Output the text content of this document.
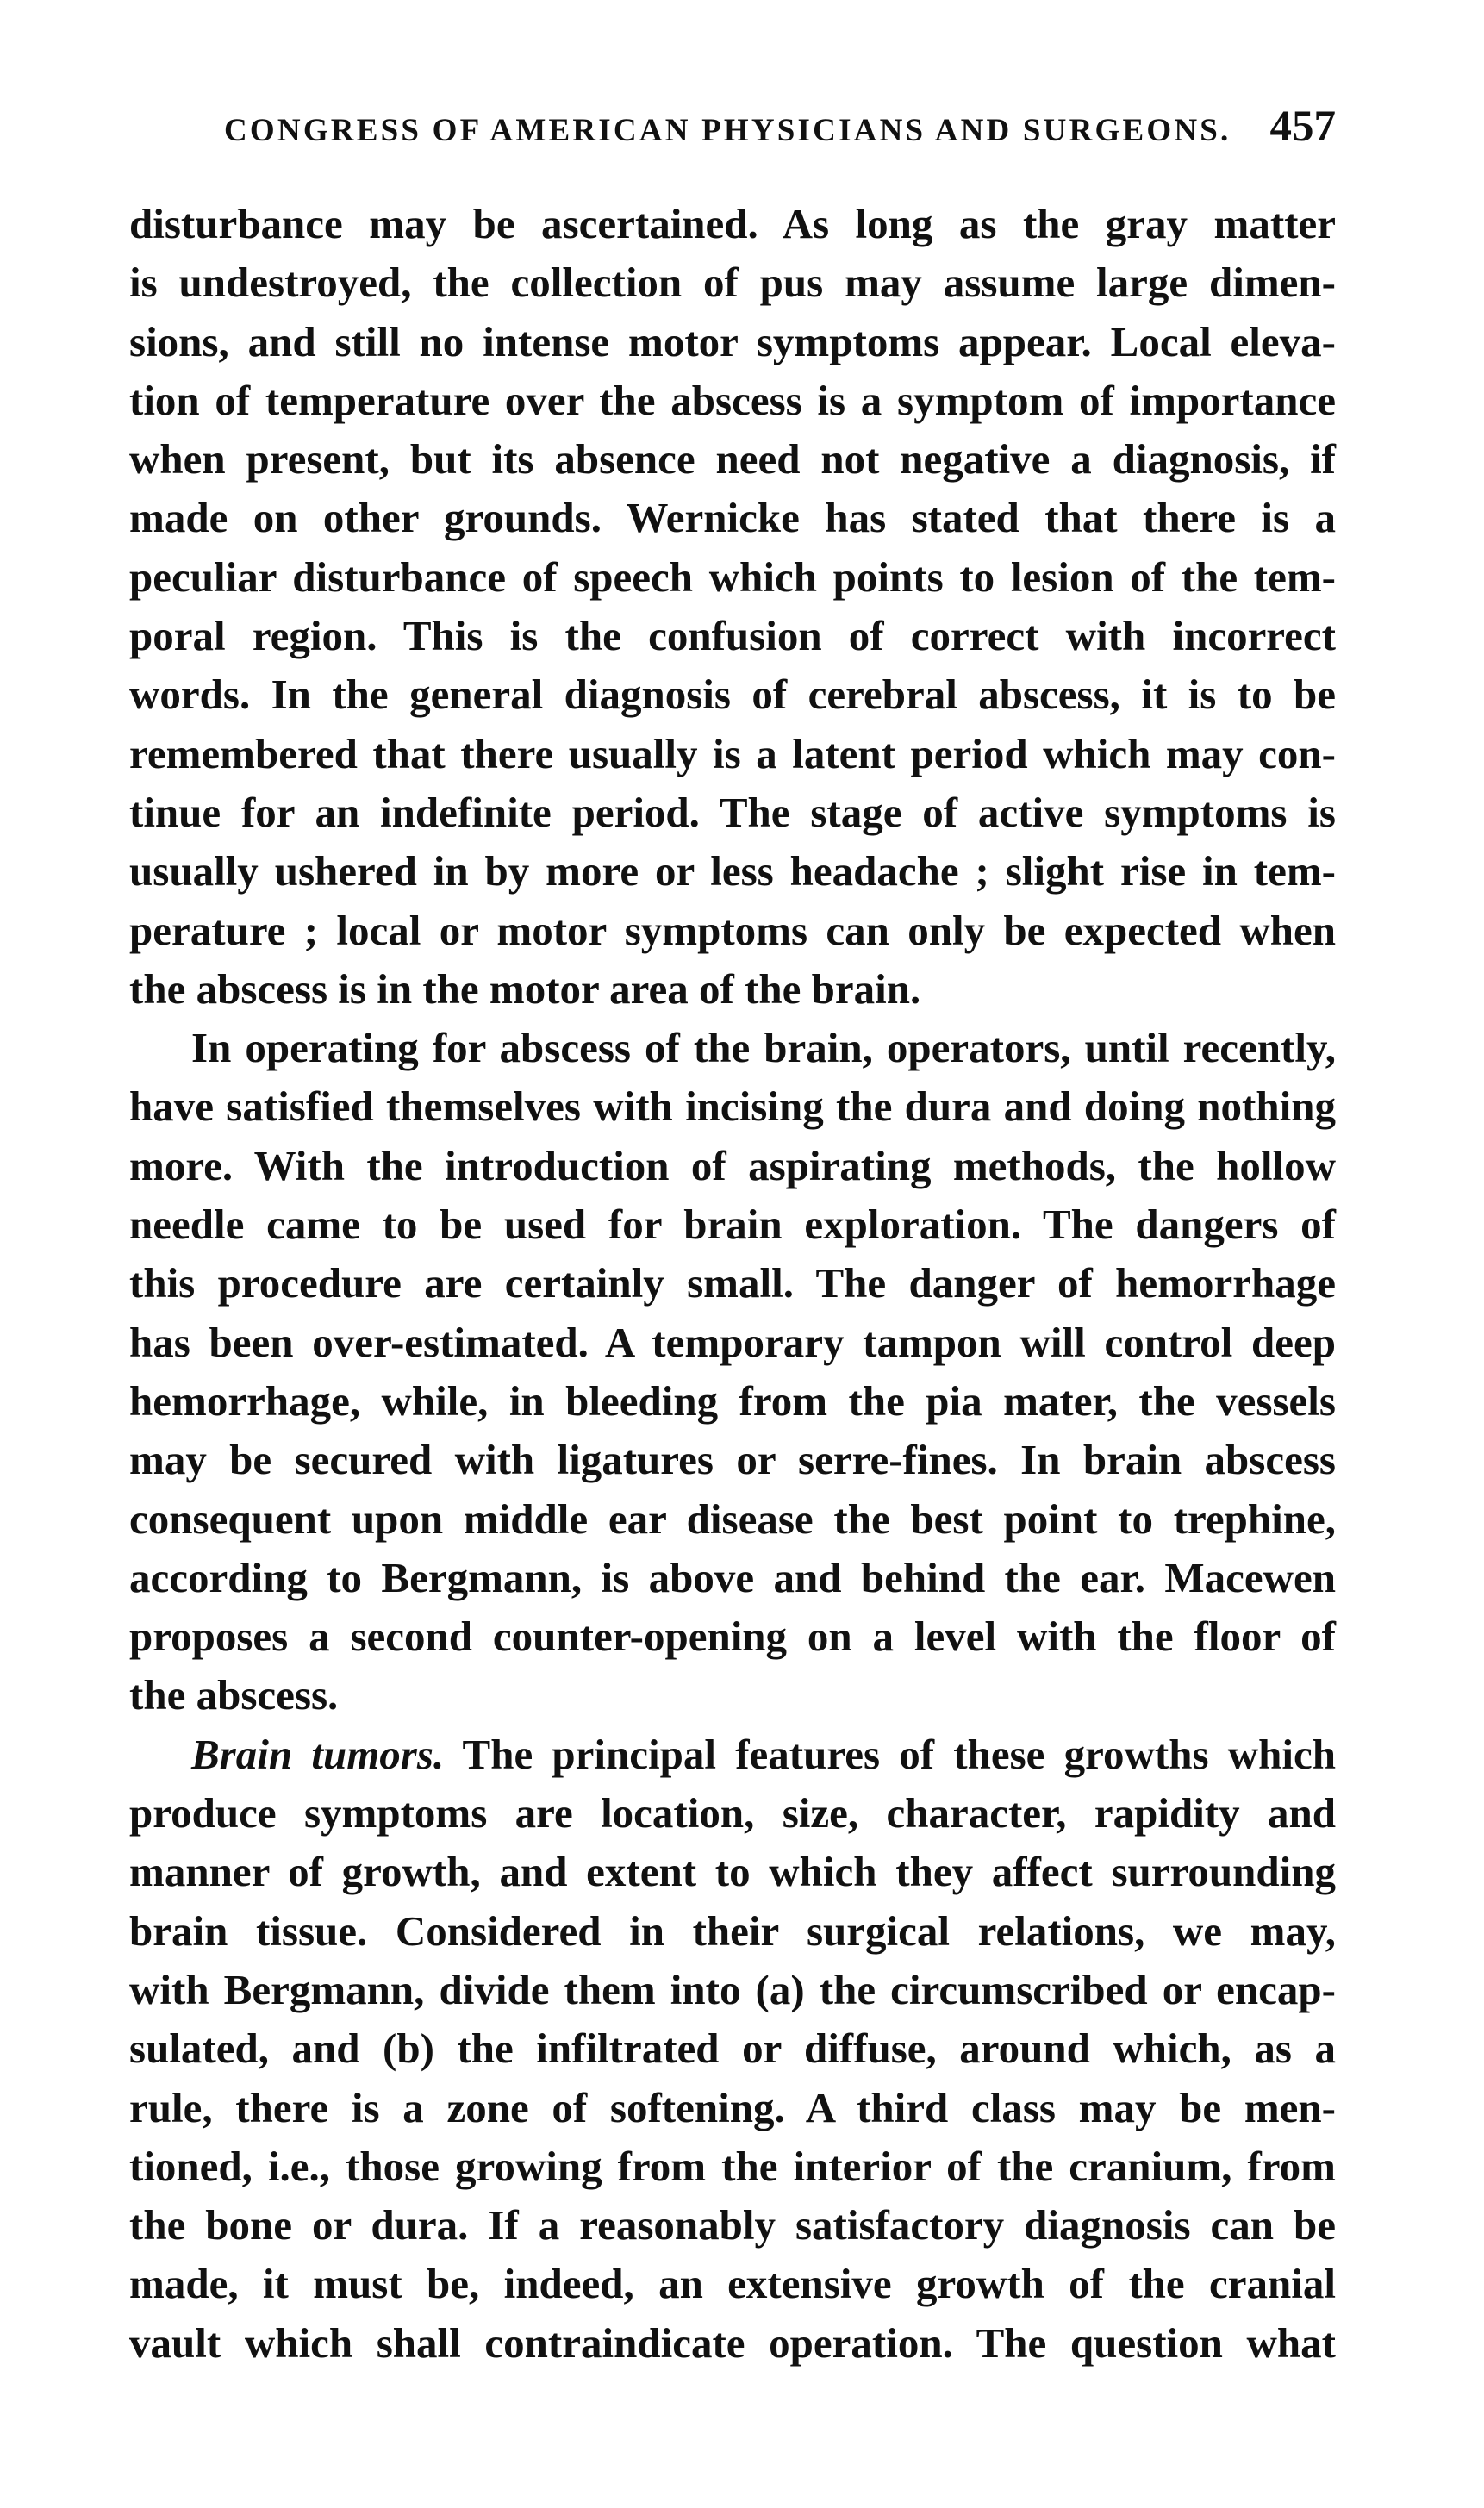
CONGRESS OF AMERICAN PHYSICIANS AND SURGEONS. 457
disturbance may be ascertained. As long as the gray matter
is undestroyed, the collection of pus may assume large dimen-
sions, and still no intense motor symptoms appear. Local eleva-
tion of temperature over the abscess is a symptom of importance
when present, but its absence need not negative a diagnosis, if
made on other grounds. Wernicke has stated that there is a
peculiar disturbance of speech which points to lesion of the tem-
poral region. This is the confusion of correct with incorrect
words. In the general diagnosis of cerebral abscess, it is to be
remembered that there usually is a latent period which may con-
tinue for an indefinite period. The stage of active symptoms is
usually ushered in by more or less headache ; slight rise in tem-
perature ; local or motor symptoms can only be expected when
the abscess is in the motor area of the brain.
In operating for abscess of the brain, operators, until recently,
have satisfied themselves with incising the dura and doing nothing
more. With the introduction of aspirating methods, the hollow
needle came to be used for brain exploration. The dangers of
this procedure are certainly small. The danger of hemorrhage
has been over-estimated. A temporary tampon will control deep
hemorrhage, while, in bleeding from the pia mater, the vessels
may be secured with ligatures or serre-fines. In brain abscess
consequent upon middle ear disease the best point to trephine,
according to Bergmann, is above and behind the ear. Macewen
proposes a second counter-opening on a level with the floor of
the abscess.
Brain tumors. The principal features of these growths which
produce symptoms are location, size, character, rapidity and
manner of growth, and extent to which they affect surrounding
brain tissue. Considered in their surgical relations, we may,
with Bergmann, divide them into (a) the circumscribed or encap-
sulated, and (b) the infiltrated or diffuse, around which, as a
rule, there is a zone of softening. A third class may be men-
tioned, i.e., those growing from the interior of the cranium, from
the bone or dura. If a reasonably satisfactory diagnosis can be
made, it must be, indeed, an extensive growth of the cranial
vault which shall contraindicate operation. The question what
